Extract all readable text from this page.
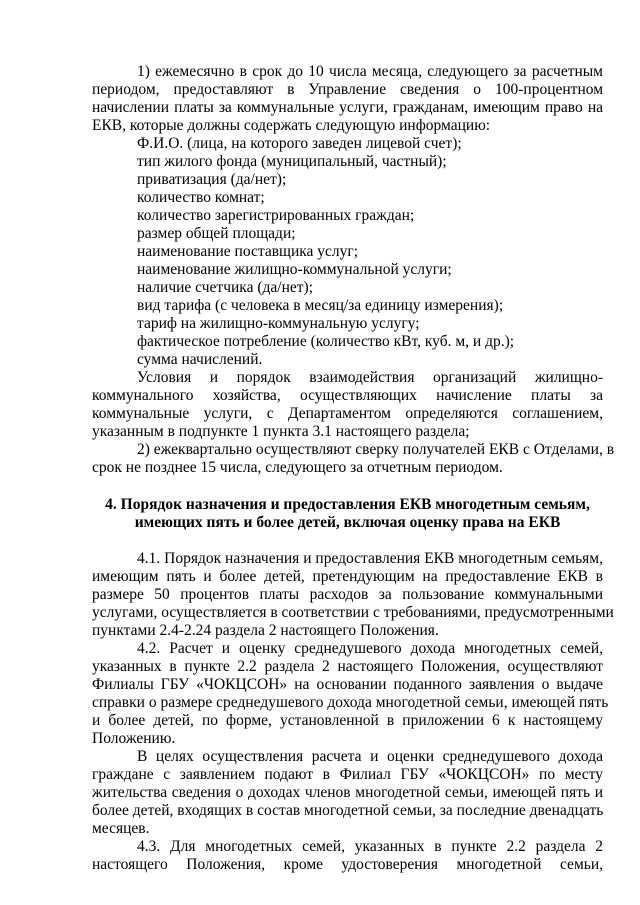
1) ежемесячно в срок до 10 числа месяца, следующего за расчетным
периодом, предоставляют в Управление сведения о 100-процентном
начислении платы за коммунальные услуги, гражданам, имеющим право на
ЕКВ, которые должны содержать следующую информацию:
Ф.И.О. (лица, на которого заведен лицевой счет);
тип жилого фонда (муниципальный, частный);
приватизация (да/нет);
количество комнат;
количество зарегистрированных граждан;
размер общей площади;
наименование поставщика услуг;
наименование жилищно-коммунальной услуги;
наличие счетчика (да/нет);
вид тарифа (с человека в месяц/за единицу измерения);
тариф на жилищно-коммунальную услугу;
фактическое потребление (количество кВт, куб. м, и др.);
сумма начислений.
Условия и порядок взаимодействия организаций жилищно-
коммунального хозяйства, осуществляющих начисление платы за
коммунальные услуги, с Департаментом определяются соглашением,
указанным в подпункте 1 пункта 3.1 настоящего раздела;
2) ежеквартально осуществляют сверку получателей ЕКВ с Отделами, в
срок не позднее 15 числа, следующего за отчетным периодом.
4. Порядок назначения и предоставления ЕКВ многодетным семьям,
имеющих пять и более детей, включая оценку права на ЕКВ
4.1. Порядок назначения и предоставления ЕКВ многодетным семьям,
имеющим пять и более детей, претендующим на предоставление ЕКВ в
размере 50 процентов платы расходов за пользование коммунальными
услугами, осуществляется в соответствии с требованиями, предусмотренными
пунктами 2.4-2.24 раздела 2 настоящего Положения.
4.2. Расчет и оценку среднедушевого дохода многодетных семей,
указанных в пункте 2.2 раздела 2 настоящего Положения, осуществляют
Филиалы ГБУ «ЧОКЦСОН» на основании поданного заявления о выдаче
справки о размере среднедушевого дохода многодетной семьи, имеющей пять
и более детей, по форме, установленной в приложении 6 к настоящему
Положению.
В целях осуществления расчета и оценки среднедушевого дохода
граждане с заявлением подают в Филиал ГБУ «ЧОКЦСОН» по месту
жительства сведения о доходах членов многодетной семьи, имеющей пять и
более детей, входящих в состав многодетной семьи, за последние двенадцать
месяцев.
4.3. Для многодетных семей, указанных в пункте 2.2 раздела 2
настоящего Положения, кроме удостоверения многодетной семьи,
